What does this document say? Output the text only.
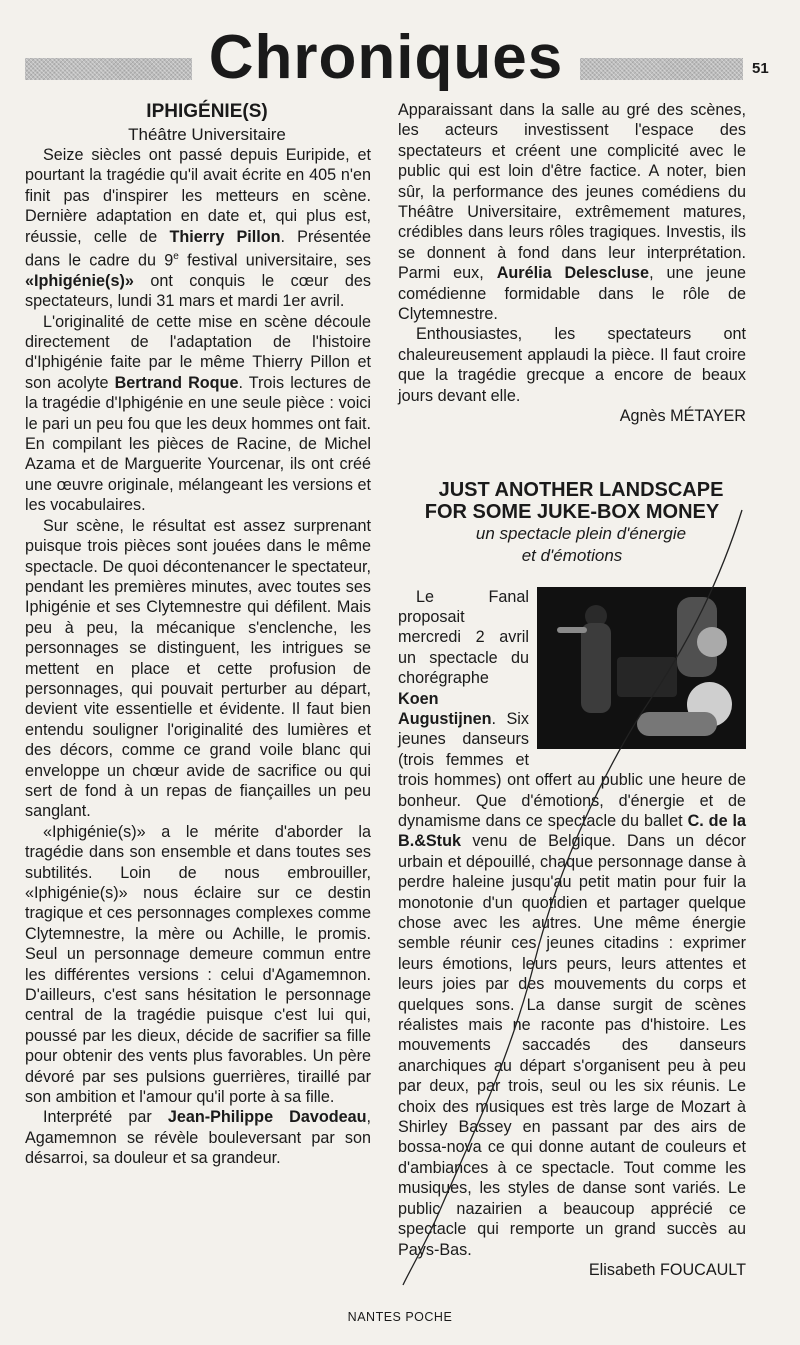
Chroniques	51

IPHIGÉNIE(S)

Théâtre Universitaire

Seize siècles ont passé depuis Euripide, et pourtant la tragédie qu'il avait écrite en 405 n'en finit pas d'inspirer les metteurs en scène. Dernière adaptation en date et, qui plus est, réussie, celle de Thierry Pillon. Présentée dans le cadre du 9e festival universitaire, ses «Iphigénie(s)» ont conquis le cœur des spectateurs, lundi 31 mars et mardi 1er avril.

L'originalité de cette mise en scène découle directement de l'adaptation de l'histoire d'Iphigénie faite par le même Thierry Pillon et son acolyte Bertrand Roque. Trois lectures de la tragédie d'Iphigénie en une seule pièce : voici le pari un peu fou que les deux hommes ont fait. En compilant les pièces de Racine, de Michel Azama et de Marguerite Yourcenar, ils ont créé une œuvre originale, mélangeant les versions et les vocabulaires.

Sur scène, le résultat est assez surprenant puisque trois pièces sont jouées dans le même spectacle. De quoi décontenancer le spectateur, pendant les premières minutes, avec toutes ses Iphigénie et ses Clytemnestre qui défilent. Mais peu à peu, la mécanique s'enclenche, les personnages se distinguent, les intrigues se mettent en place et cette profusion de personnages, qui pouvait perturber au départ, devient vite essentielle et évidente. Il faut bien entendu souligner l'originalité des lumières et des décors, comme ce grand voile blanc qui enveloppe un chœur avide de sacrifice ou qui sert de fond à un repas de fiançailles un peu sanglant.

«Iphigénie(s)» a le mérite d'aborder la tragédie dans son ensemble et dans toutes ses subtilités. Loin de nous embrouiller, «Iphigénie(s)» nous éclaire sur ce destin tragique et ces personnages complexes comme Clytemnestre, la mère ou Achille, le promis. Seul un personnage demeure commun entre les différentes versions : celui d'Agamemnon. D'ailleurs, c'est sans hésitation le personnage central de la tragédie puisque c'est lui qui, poussé par les dieux, décide de sacrifier sa fille pour obtenir des vents plus favorables. Un père dévoré par ses pulsions guerrières, tiraillé par son ambition et l'amour qu'il porte à sa fille.

Interprété par Jean-Philippe Davodeau, Agamemnon se révèle bouleversant par son désarroi, sa douleur et sa grandeur.

Apparaissant dans la salle au gré des scènes, les acteurs investissent l'espace des spectateurs et créent une complicité avec le public qui est loin d'être factice. A noter, bien sûr, la performance des jeunes comédiens du Théâtre Universitaire, extrêmement matures, crédibles dans leurs rôles tragiques. Investis, ils se donnent à fond dans leur interprétation. Parmi eux, Aurélia Delescluse, une jeune comédienne formidable dans le rôle de Clytemnestre.

Enthousiastes, les spectateurs ont chaleureusement applaudi la pièce. Il faut croire que la tragédie grecque a encore de beaux jours devant elle.

Agnès MÉTAYER

JUST ANOTHER LANDSCAPE
FOR SOME JUKE-BOX MONEY

un spectacle plein d'énergie
et d'émotions

Le Fanal proposait mercredi 2 avril un spectacle du chorégraphe Koen Augustijnen. Six jeunes danseurs (trois femmes et trois hommes) ont offert au public une heure de bonheur. Que d'émotions, d'énergie et de dynamisme dans ce spectacle du ballet C. de la B.&Stuk venu de Belgique. Dans un décor urbain et dépouillé, chaque personnage danse à perdre haleine jusqu'au petit matin pour fuir la monotonie d'un quotidien et partager quelque chose avec les autres. Une même énergie semble réunir ces jeunes citadins : exprimer leurs émotions, leurs peurs, leurs attentes et leurs joies par des mouvements du corps et quelques sons. La danse surgit de scènes réalistes mais ne raconte pas d'histoire. Les mouvements saccadés des danseurs anarchiques au départ s'organisent peu à peu par deux, par trois, seul ou les six réunis. Le choix des musiques est très large de Mozart à Shirley Bassey en passant par des airs de bossa-nova ce qui donne autant de couleurs et d'ambiances à ce spectacle. Tout comme les musiques, les styles de danse sont variés. Le public nazairien a beaucoup apprécié ce spectacle qui remporte un grand succès au Pays-Bas.

Elisabeth FOUCAULT

NANTES POCHE
